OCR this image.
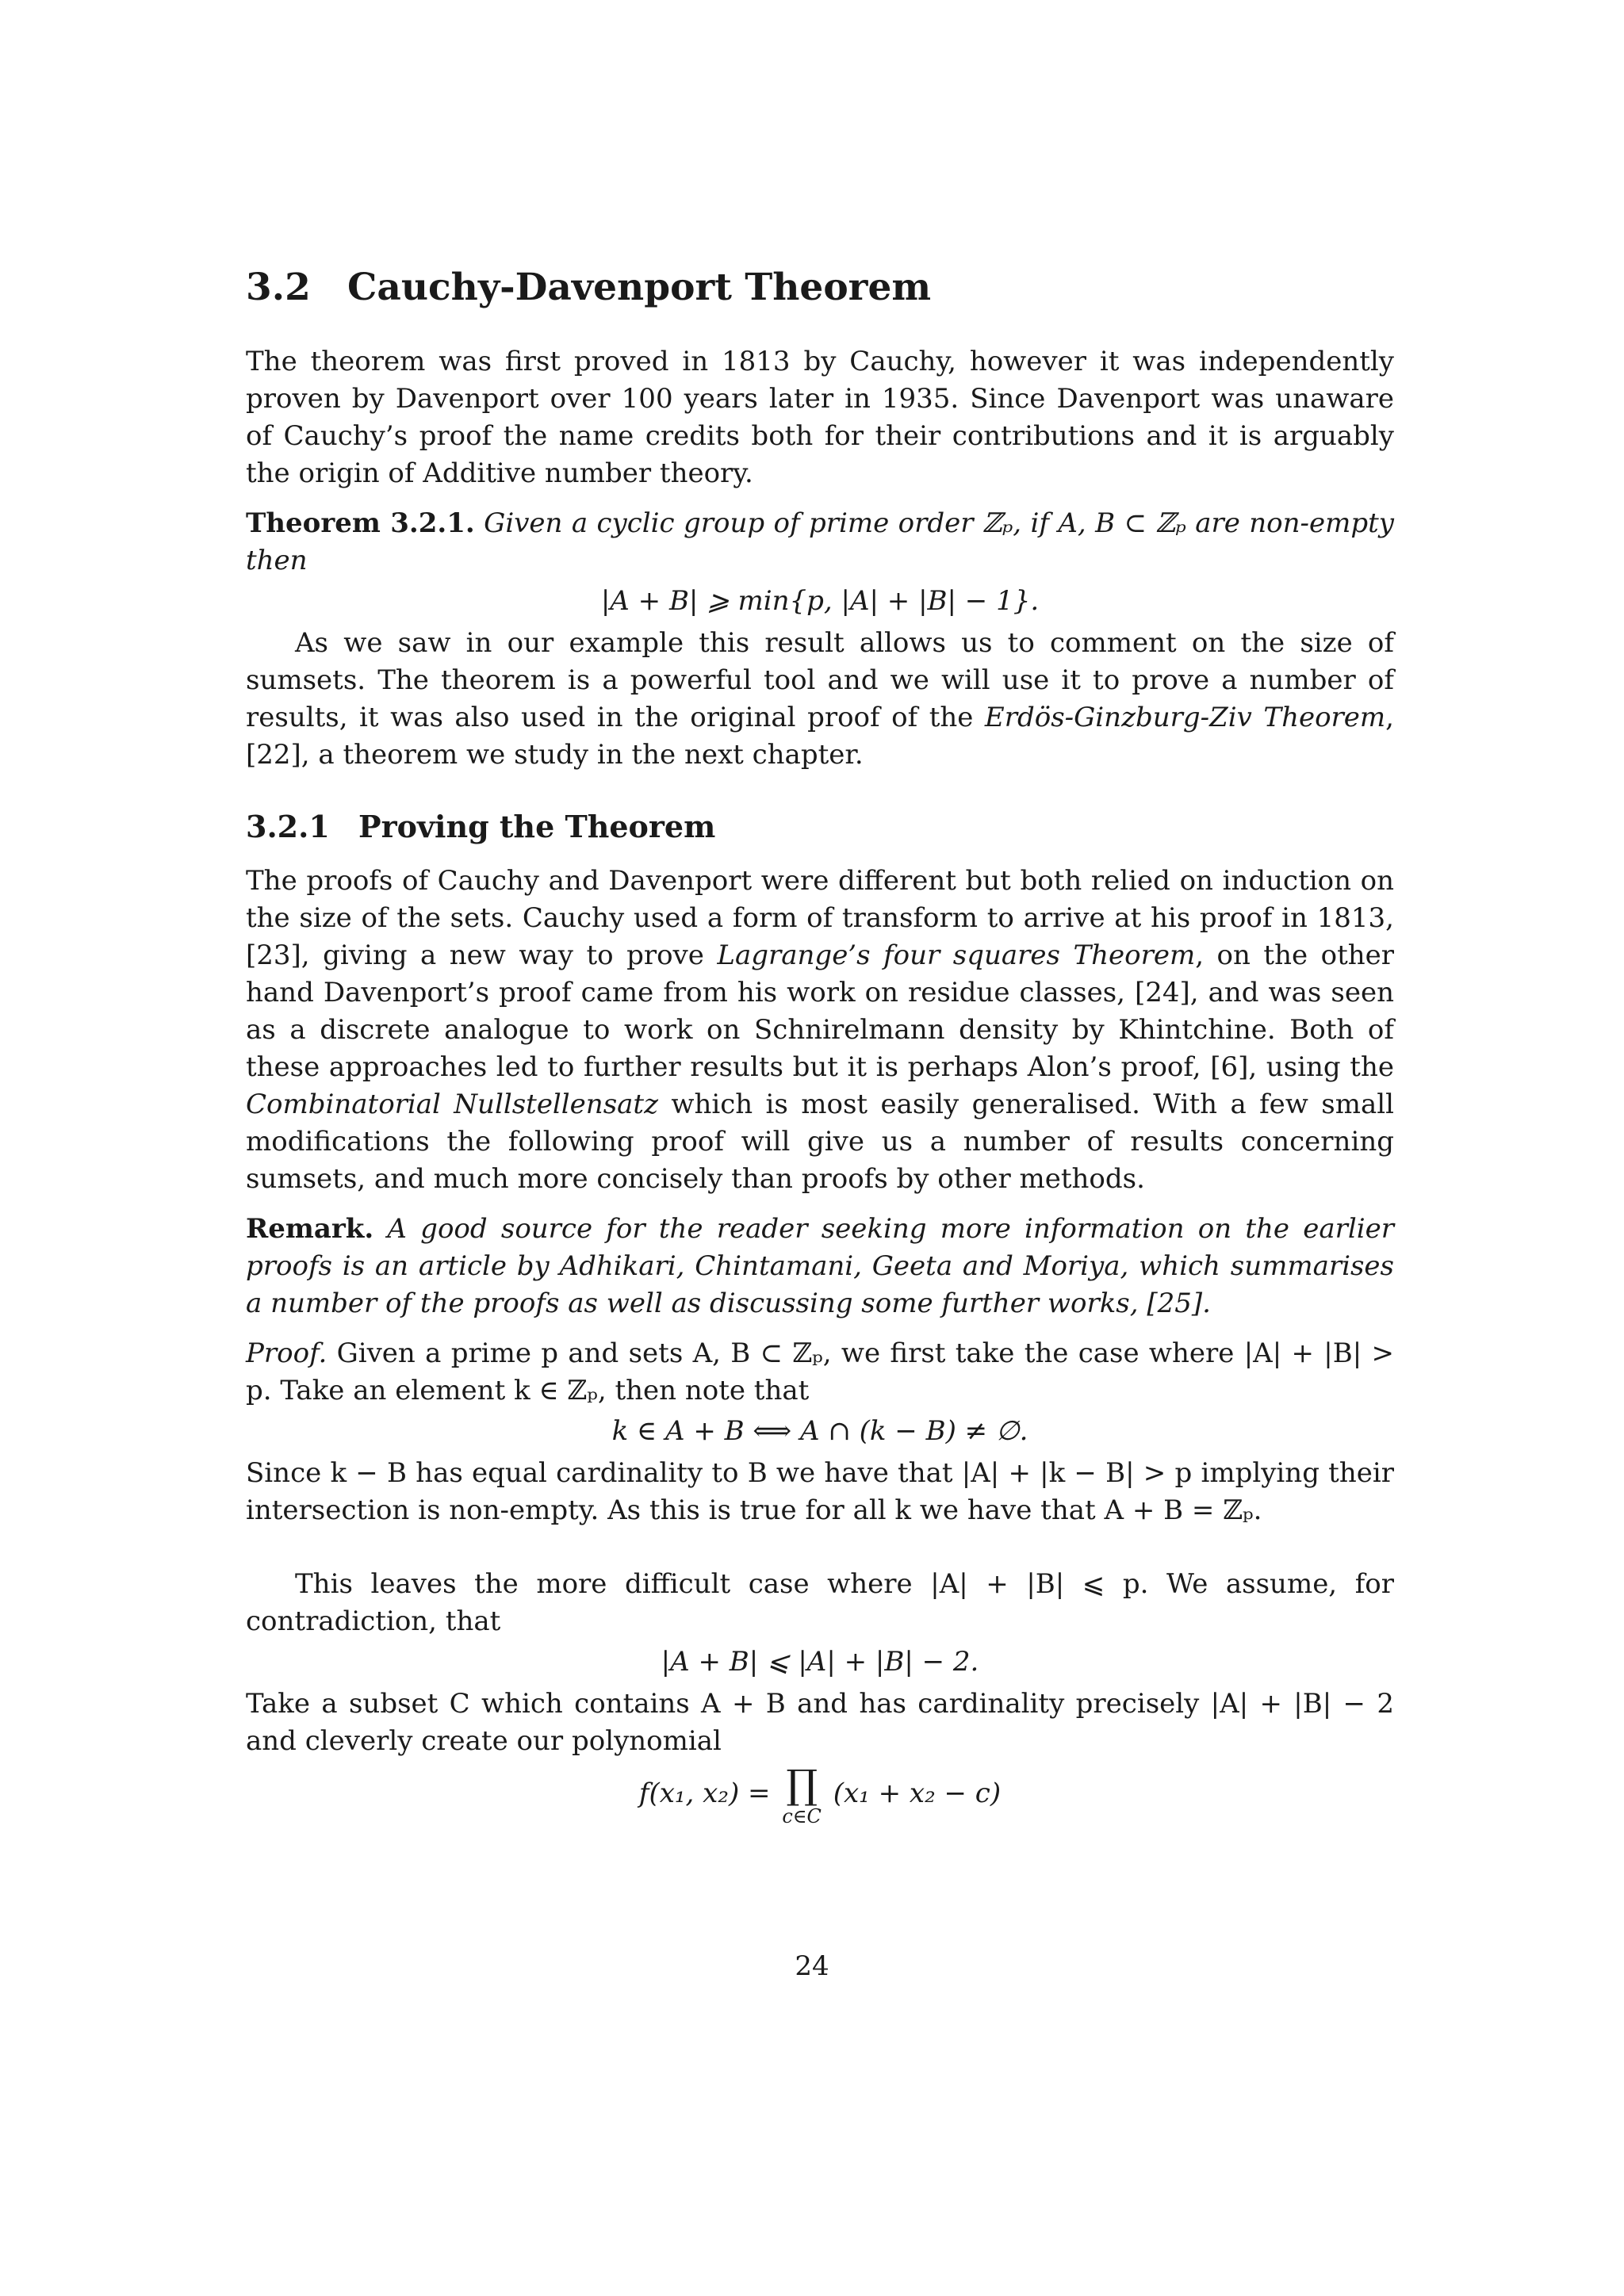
3.2 Cauchy-Davenport Theorem

The theorem was first proved in 1813 by Cauchy, however it was independently proven by Davenport over 100 years later in 1935. Since Davenport was unaware of Cauchy’s proof the name credits both for their contributions and it is arguably the origin of Additive number theory.

Theorem 3.2.1. Given a cyclic group of prime order ℤₚ, if A, B ⊂ ℤₚ are non-empty then

|A + B| ⩾ min{p, |A| + |B| − 1}.

As we saw in our example this result allows us to comment on the size of sumsets. The theorem is a powerful tool and we will use it to prove a number of results, it was also used in the original proof of the Erdös-Ginzburg-Ziv Theorem, [22], a theorem we study in the next chapter.

3.2.1 Proving the Theorem

The proofs of Cauchy and Davenport were different but both relied on induction on the size of the sets. Cauchy used a form of transform to arrive at his proof in 1813, [23], giving a new way to prove Lagrange’s four squares Theorem, on the other hand Davenport’s proof came from his work on residue classes, [24], and was seen as a discrete analogue to work on Schnirelmann density by Khintchine. Both of these approaches led to further results but it is perhaps Alon’s proof, [6], using the Combinatorial Nullstellensatz which is most easily generalised. With a few small modifications the following proof will give us a number of results concerning sumsets, and much more concisely than proofs by other methods.

Remark. A good source for the reader seeking more information on the earlier proofs is an article by Adhikari, Chintamani, Geeta and Moriya, which summarises a number of the proofs as well as discussing some further works, [25].

Proof. Given a prime p and sets A, B ⊂ ℤₚ, we first take the case where |A| + |B| > p. Take an element k ∈ ℤₚ, then note that

k ∈ A + B ⟺ A ∩ (k − B) ≠ ∅.

Since k − B has equal cardinality to B we have that |A| + |k − B| > p implying their intersection is non-empty. As this is true for all k we have that A + B = ℤₚ.

This leaves the more difficult case where |A| + |B| ⩽ p. We assume, for contradiction, that

|A + B| ⩽ |A| + |B| − 2.

Take a subset C which contains A + B and has cardinality precisely |A| + |B| − 2 and cleverly create our polynomial

f(x₁, x₂) = ∏
c∈C
(x₁ + x₂ − c)
24
